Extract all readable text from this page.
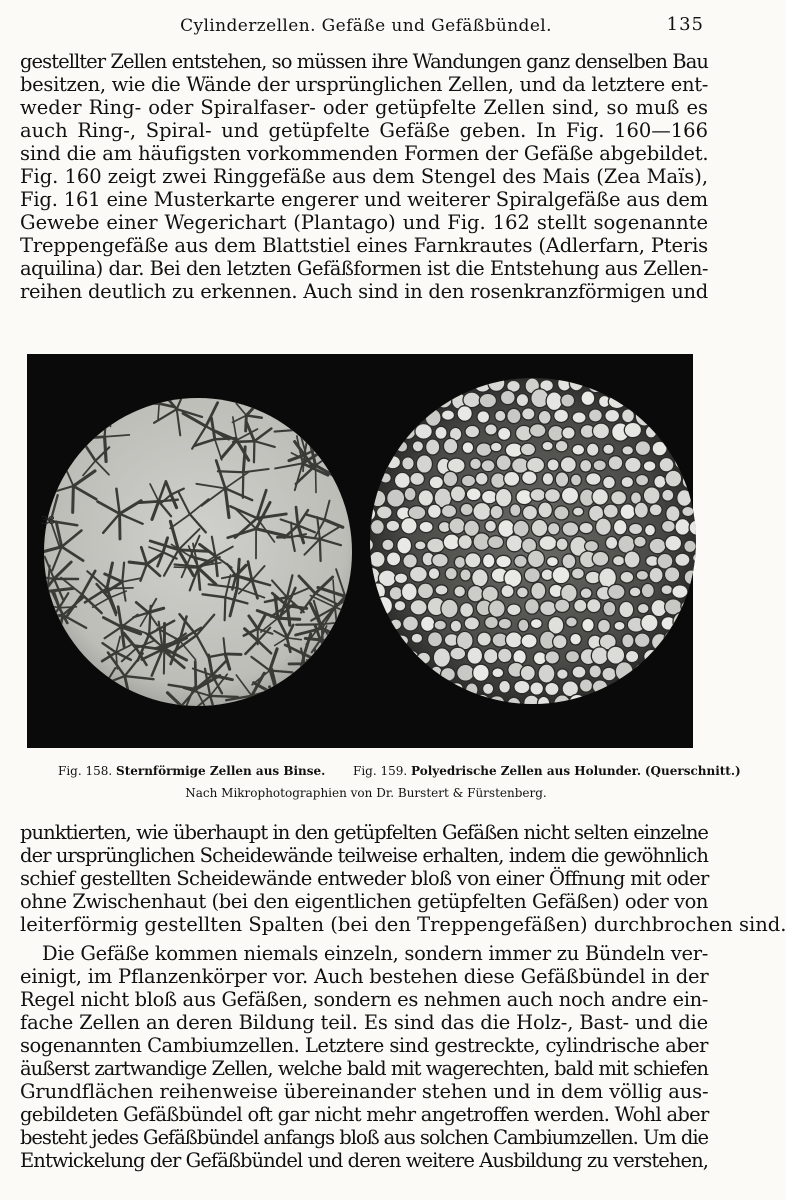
Cylinderzellen. Gefäße und Gefäßbündel.	135
gestellter Zellen entstehen, so müssen ihre Wandungen ganz denselben Bau
besitzen, wie die Wände der ursprünglichen Zellen, und da letztere ent-
weder Ring- oder Spiralfaser- oder getüpfelte Zellen sind, so muß es
auch Ring-, Spiral- und getüpfelte Gefäße geben. In Fig. 160—166
sind die am häufigsten vorkommenden Formen der Gefäße abgebildet.
Fig. 160 zeigt zwei Ringgefäße aus dem Stengel des Mais (Zea Maïs),
Fig. 161 eine Musterkarte engerer und weiterer Spiralgefäße aus dem
Gewebe einer Wegerichart (Plantago) und Fig. 162 stellt sogenannte
Treppengefäße aus dem Blattstiel eines Farnkrautes (Adlerfarn, Pteris
aquilina) dar. Bei den letzten Gefäßformen ist die Entstehung aus Zellen-
reihen deutlich zu erkennen. Auch sind in den rosenkranzförmigen und
38
Fig. 158. Sternförmige Zellen aus Binse. Fig. 159. Polyedrische Zellen aus Holunder. (Querschnitt.)
Nach Mikrophotographien von Dr. Burstert & Fürstenberg.
punktierten, wie überhaupt in den getüpfelten Gefäßen nicht selten einzelne
der ursprünglichen Scheidewände teilweise erhalten, indem die gewöhnlich
schief gestellten Scheidewände entweder bloß von einer Öffnung mit oder
ohne Zwischenhaut (bei den eigentlichen getüpfelten Gefäßen) oder von
leiterförmig gestellten Spalten (bei den Treppengefäßen) durchbrochen sind.
Die Gefäße kommen niemals einzeln, sondern immer zu Bündeln ver-
einigt, im Pflanzenkörper vor. Auch bestehen diese Gefäßbündel in der
Regel nicht bloß aus Gefäßen, sondern es nehmen auch noch andre ein-
fache Zellen an deren Bildung teil. Es sind das die Holz-, Bast- und die
sogenannten Cambiumzellen. Letztere sind gestreckte, cylindrische aber
äußerst zartwandige Zellen, welche bald mit wagerechten, bald mit schiefen
Grundflächen reihenweise übereinander stehen und in dem völlig aus-
gebildeten Gefäßbündel oft gar nicht mehr angetroffen werden. Wohl aber
besteht jedes Gefäßbündel anfangs bloß aus solchen Cambiumzellen. Um die
Entwickelung der Gefäßbündel und deren weitere Ausbildung zu verstehen,
